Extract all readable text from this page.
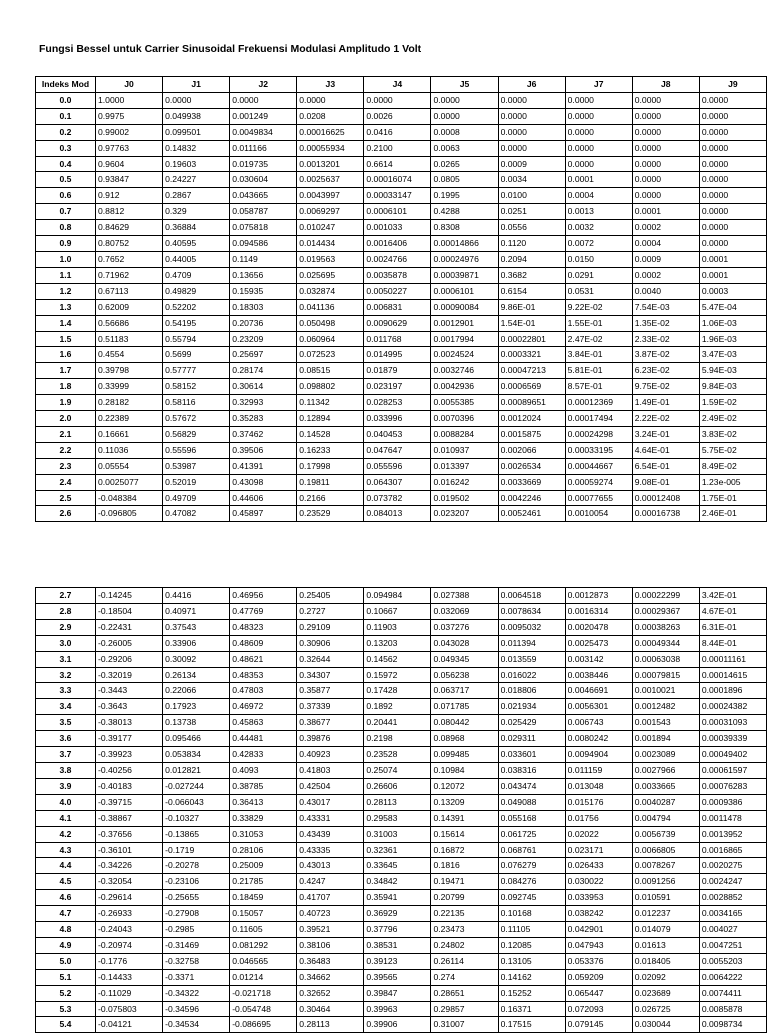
Fungsi Bessel untuk Carrier Sinusoidal Frekuensi Modulasi Amplitudo 1 Volt
Indeks Mod	J0	J1	J2	J3	J4	J5	J6	J7	J8	J9
0.0	1.0000	0.0000	0.0000	0.0000	0.0000	0.0000	0.0000	0.0000	0.0000	0.0000
0.1	0.9975	0.049938	0.001249	0.0208	0.0026	0.0000	0.0000	0.0000	0.0000	0.0000
0.2	0.99002	0.099501	0.0049834	0.00016625	0.0416	0.0008	0.0000	0.0000	0.0000	0.0000
0.3	0.97763	0.14832	0.011166	0.00055934	0.2100	0.0063	0.0000	0.0000	0.0000	0.0000
0.4	0.9604	0.19603	0.019735	0.0013201	0.6614	0.0265	0.0009	0.0000	0.0000	0.0000
0.5	0.93847	0.24227	0.030604	0.0025637	0.00016074	0.0805	0.0034	0.0001	0.0000	0.0000
0.6	0.912	0.2867	0.043665	0.0043997	0.00033147	0.1995	0.0100	0.0004	0.0000	0.0000
0.7	0.8812	0.329	0.058787	0.0069297	0.0006101	0.4288	0.0251	0.0013	0.0001	0.0000
0.8	0.84629	0.36884	0.075818	0.010247	0.001033	0.8308	0.0556	0.0032	0.0002	0.0000
0.9	0.80752	0.40595	0.094586	0.014434	0.0016406	0.00014866	0.1120	0.0072	0.0004	0.0000
1.0	0.7652	0.44005	0.1149	0.019563	0.0024766	0.00024976	0.2094	0.0150	0.0009	0.0001
1.1	0.71962	0.4709	0.13656	0.025695	0.0035878	0.00039871	0.3682	0.0291	0.0002	0.0001
1.2	0.67113	0.49829	0.15935	0.032874	0.0050227	0.0006101	0.6154	0.0531	0.0040	0.0003
1.3	0.62009	0.52202	0.18303	0.041136	0.006831	0.00090084	9.86E-01	9.22E-02	7.54E-03	5.47E-04
1.4	0.56686	0.54195	0.20736	0.050498	0.0090629	0.0012901	1.54E-01	1.55E-01	1.35E-02	1.06E-03
1.5	0.51183	0.55794	0.23209	0.060964	0.011768	0.0017994	0.00022801	2.47E-02	2.33E-02	1.96E-03
1.6	0.4554	0.5699	0.25697	0.072523	0.014995	0.0024524	0.0003321	3.84E-01	3.87E-02	3.47E-03
1.7	0.39798	0.57777	0.28174	0.08515	0.01879	0.0032746	0.00047213	5.81E-01	6.23E-02	5.94E-03
1.8	0.33999	0.58152	0.30614	0.098802	0.023197	0.0042936	0.0006569	8.57E-01	9.75E-02	9.84E-03
1.9	0.28182	0.58116	0.32993	0.11342	0.028253	0.0055385	0.00089651	0.00012369	1.49E-01	1.59E-02
2.0	0.22389	0.57672	0.35283	0.12894	0.033996	0.0070396	0.0012024	0.00017494	2.22E-02	2.49E-02
2.1	0.16661	0.56829	0.37462	0.14528	0.040453	0.0088284	0.0015875	0.00024298	3.24E-01	3.83E-02
2.2	0.11036	0.55596	0.39506	0.16233	0.047647	0.010937	0.002066	0.00033195	4.64E-01	5.75E-02
2.3	0.05554	0.53987	0.41391	0.17998	0.055596	0.013397	0.0026534	0.00044667	6.54E-01	8.49E-02
2.4	0.0025077	0.52019	0.43098	0.19811	0.064307	0.016242	0.0033669	0.00059274	9.08E-01	1.23e-005
2.5	-0.048384	0.49709	0.44606	0.2166	0.073782	0.019502	0.0042246	0.00077655	0.00012408	1.75E-01
2.6	-0.096805	0.47082	0.45897	0.23529	0.084013	0.023207	0.0052461	0.0010054	0.00016738	2.46E-01
2.7	-0.14245	0.4416	0.46956	0.25405	0.094984	0.027388	0.0064518	0.0012873	0.00022299	3.42E-01
2.8	-0.18504	0.40971	0.47769	0.2727	0.10667	0.032069	0.0078634	0.0016314	0.00029367	4.67E-01
2.9	-0.22431	0.37543	0.48323	0.29109	0.11903	0.037276	0.0095032	0.0020478	0.00038263	6.31E-01
3.0	-0.26005	0.33906	0.48609	0.30906	0.13203	0.043028	0.011394	0.0025473	0.00049344	8.44E-01
3.1	-0.29206	0.30092	0.48621	0.32644	0.14562	0.049345	0.013559	0.003142	0.00063038	0.00011161
3.2	-0.32019	0.26134	0.48353	0.34307	0.15972	0.056238	0.016022	0.0038446	0.00079815	0.00014615
3.3	-0.3443	0.22066	0.47803	0.35877	0.17428	0.063717	0.018806	0.0046691	0.0010021	0.0001896
3.4	-0.3643	0.17923	0.46972	0.37339	0.1892	0.071785	0.021934	0.0056301	0.0012482	0.00024382
3.5	-0.38013	0.13738	0.45863	0.38677	0.20441	0.080442	0.025429	0.006743	0.001543	0.00031093
3.6	-0.39177	0.095466	0.44481	0.39876	0.2198	0.08968	0.029311	0.0080242	0.001894	0.00039339
3.7	-0.39923	0.053834	0.42833	0.40923	0.23528	0.099485	0.033601	0.0094904	0.0023089	0.00049402
3.8	-0.40256	0.012821	0.4093	0.41803	0.25074	0.10984	0.038316	0.011159	0.0027966	0.00061597
3.9	-0.40183	-0.027244	0.38785	0.42504	0.26606	0.12072	0.043474	0.013048	0.0033665	0.00076283
4.0	-0.39715	-0.066043	0.36413	0.43017	0.28113	0.13209	0.049088	0.015176	0.0040287	0.0009386
4.1	-0.38867	-0.10327	0.33829	0.43331	0.29583	0.14391	0.055168	0.01756	0.004794	0.0011478
4.2	-0.37656	-0.13865	0.31053	0.43439	0.31003	0.15614	0.061725	0.02022	0.0056739	0.0013952
4.3	-0.36101	-0.1719	0.28106	0.43335	0.32361	0.16872	0.068761	0.023171	0.0066805	0.0016865
4.4	-0.34226	-0.20278	0.25009	0.43013	0.33645	0.1816	0.076279	0.026433	0.0078267	0.0020275
4.5	-0.32054	-0.23106	0.21785	0.4247	0.34842	0.19471	0.084276	0.030022	0.0091256	0.0024247
4.6	-0.29614	-0.25655	0.18459	0.41707	0.35941	0.20799	0.092745	0.033953	0.010591	0.0028852
4.7	-0.26933	-0.27908	0.15057	0.40723	0.36929	0.22135	0.10168	0.038242	0.012237	0.0034165
4.8	-0.24043	-0.2985	0.11605	0.39521	0.37796	0.23473	0.11105	0.042901	0.014079	0.004027
4.9	-0.20974	-0.31469	0.081292	0.38106	0.38531	0.24802	0.12085	0.047943	0.01613	0.0047251
5.0	-0.1776	-0.32758	0.046565	0.36483	0.39123	0.26114	0.13105	0.053376	0.018405	0.0055203
5.1	-0.14433	-0.3371	0.01214	0.34662	0.39565	0.274	0.14162	0.059209	0.02092	0.0064222
5.2	-0.11029	-0.34322	-0.021718	0.32652	0.39847	0.28651	0.15252	0.065447	0.023689	0.0074411
5.3	-0.075803	-0.34596	-0.054748	0.30464	0.39963	0.29857	0.16371	0.072093	0.026725	0.0085878
5.4	-0.04121	-0.34534	-0.086695	0.28113	0.39906	0.31007	0.17515	0.079145	0.030044	0.0098734
